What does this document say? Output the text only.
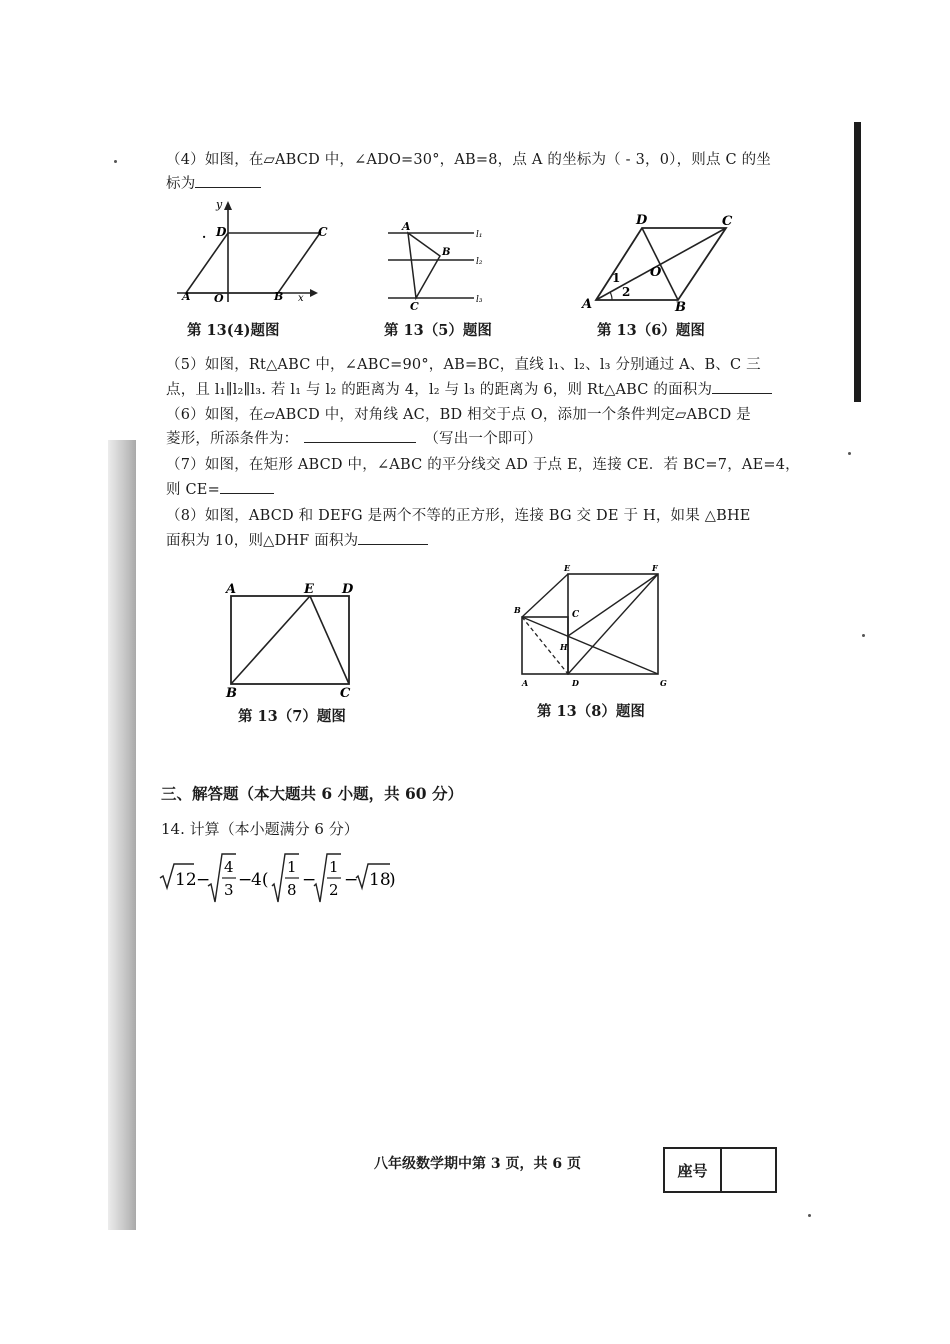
（4）如图，在▱ABCD 中，∠ADO=30°，AB=8，点 A 的坐标为（ - 3，0），则点 C 的坐
标为
y
D
.	C
A O	B x
第 13(4)题图
A
B
C
l₁
l₂
l₃
第 13（5）题图
D	C
A	B
O
1
2
第 13（6）题图
（5）如图，Rt△ABC 中，∠ABC=90°，AB=BC，直线 l₁、l₂、l₃ 分别通过 A、B、C 三
点，且 l₁∥l₂∥l₃. 若 l₁ 与 l₂ 的距离为 4，l₂ 与 l₃ 的距离为 6，则 Rt△ABC 的面积为
（6）如图，在▱ABCD 中，对角线 AC，BD 相交于点 O，添加一个条件判定▱ABCD 是
菱形，所添条件为：	（写出一个即可）
（7）如图，在矩形 ABCD 中，∠ABC 的平分线交 AD 于点 E，连接 CE．若 BC=7，AE=4，
则 CE=
（8）如图，ABCD 和 DEFG 是两个不等的正方形，连接 BG 交 DE 于 H，如果 △BHE
面积为 10，则△DHF 面积为
A	E D
B	C
第 13（7）题图
E	F
B	C
H
A	D	G
第 13（8）题图
三、解答题（本大题共 6 小题，共 60 分）
14. 计算（本小题满分 6 分）
12 −
4
3 −
4(
1
8 −
1
2 − 18
)
八年级数学期中第 3 页，共 6 页	座号
